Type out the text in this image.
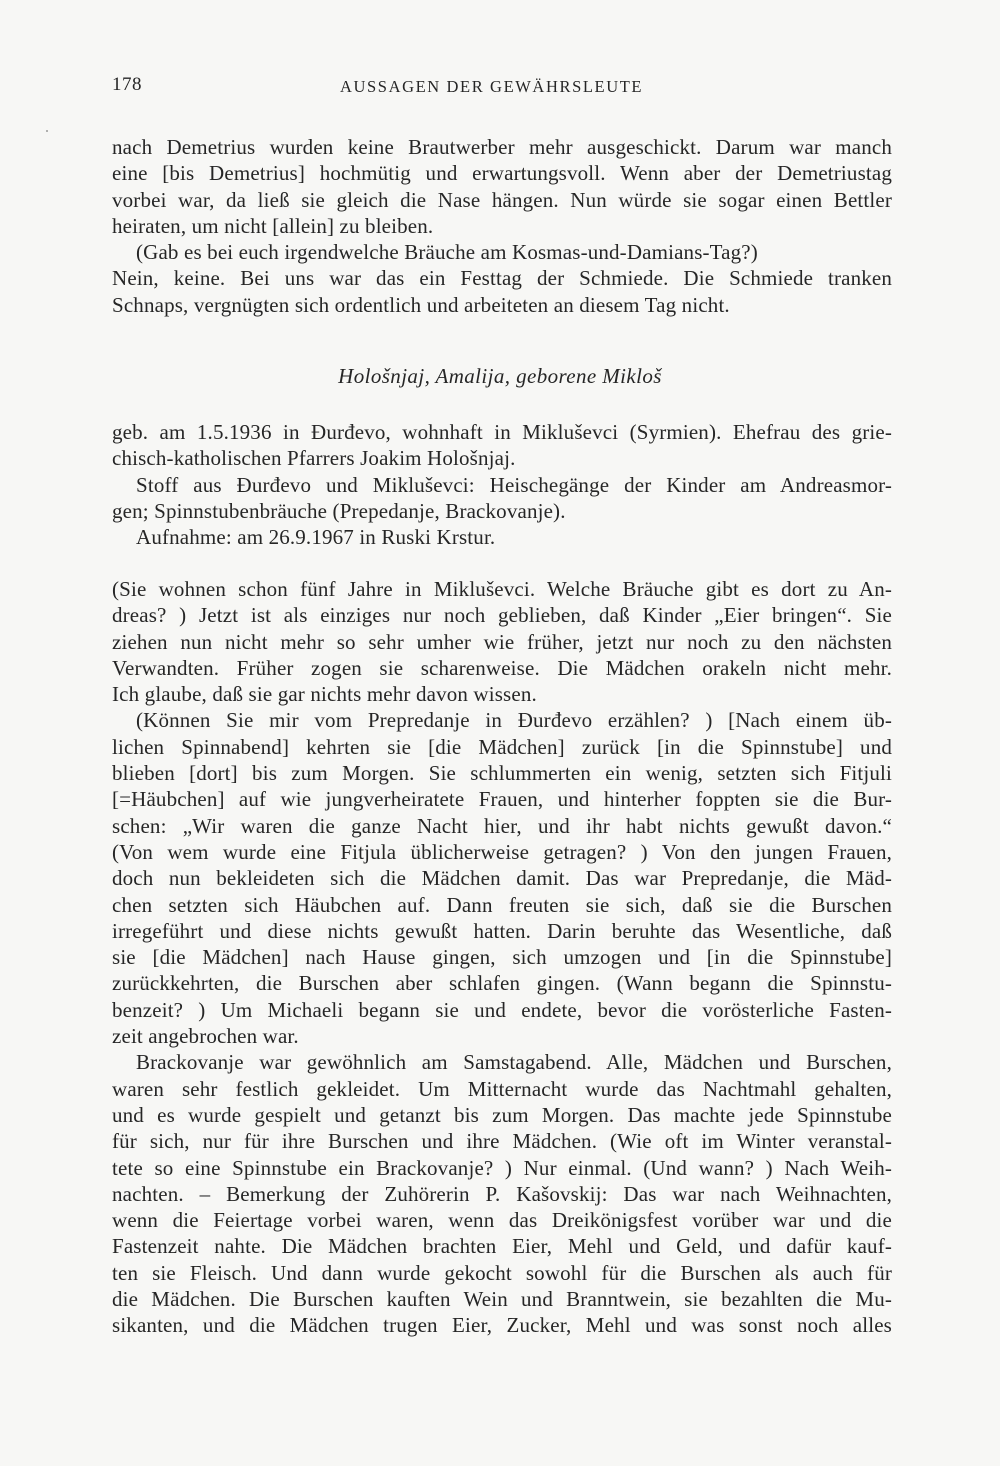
178	AUSSAGEN DER GEWÄHRSLEUTE
nach Demetrius wurden keine Brautwerber mehr ausgeschickt. Darum war manch
eine [bis Demetrius] hochmütig und erwartungsvoll. Wenn aber der Demetriustag
vorbei war, da ließ sie gleich die Nase hängen. Nun würde sie sogar einen Bettler
heiraten, um nicht [allein] zu bleiben.
(Gab es bei euch irgendwelche Bräuche am Kosmas-und-Damians-Tag?)
Nein, keine. Bei uns war das ein Festtag der Schmiede. Die Schmiede tranken
Schnaps, vergnügten sich ordentlich und arbeiteten an diesem Tag nicht.
Hološnjaj, Amalija, geborene Mikloš
geb. am 1.5.1936 in Đurđevo, wohnhaft in Mikluševci (Syrmien). Ehefrau des grie-
chisch-katholischen Pfarrers Joakim Hološnjaj.
Stoff aus Đurđevo und Mikluševci: Heischegänge der Kinder am Andreasmor-
gen; Spinnstubenbräuche (Prepedanje, Brackovanje).
Aufnahme: am 26.9.1967 in Ruski Krstur.
(Sie wohnen schon fünf Jahre in Mikluševci. Welche Bräuche gibt es dort zu An-
dreas? ) Jetzt ist als einziges nur noch geblieben, daß Kinder „Eier bringen“. Sie
ziehen nun nicht mehr so sehr umher wie früher, jetzt nur noch zu den nächsten
Verwandten. Früher zogen sie scharenweise. Die Mädchen orakeln nicht mehr.
Ich glaube, daß sie gar nichts mehr davon wissen.
(Können Sie mir vom Prepredanje in Đurđevo erzählen? ) [Nach einem üb-
lichen Spinnabend] kehrten sie [die Mädchen] zurück [in die Spinnstube] und
blieben [dort] bis zum Morgen. Sie schlummerten ein wenig, setzten sich Fitjuli
[=Häubchen] auf wie jungverheiratete Frauen, und hinterher foppten sie die Bur-
schen: „Wir waren die ganze Nacht hier, und ihr habt nichts gewußt davon.“
(Von wem wurde eine Fitjula üblicherweise getragen? ) Von den jungen Frauen,
doch nun bekleideten sich die Mädchen damit. Das war Prepredanje, die Mäd-
chen setzten sich Häubchen auf. Dann freuten sie sich, daß sie die Burschen
irregeführt und diese nichts gewußt hatten. Darin beruhte das Wesentliche, daß
sie [die Mädchen] nach Hause gingen, sich umzogen und [in die Spinnstube]
zurückkehrten, die Burschen aber schlafen gingen. (Wann begann die Spinnstu-
benzeit? ) Um Michaeli begann sie und endete, bevor die vorösterliche Fasten-
zeit angebrochen war.
Brackovanje war gewöhnlich am Samstagabend. Alle, Mädchen und Burschen,
waren sehr festlich gekleidet. Um Mitternacht wurde das Nachtmahl gehalten,
und es wurde gespielt und getanzt bis zum Morgen. Das machte jede Spinnstube
für sich, nur für ihre Burschen und ihre Mädchen. (Wie oft im Winter veranstal-
tete so eine Spinnstube ein Brackovanje? ) Nur einmal. (Und wann? ) Nach Weih-
nachten. – Bemerkung der Zuhörerin P. Kašovskij: Das war nach Weihnachten,
wenn die Feiertage vorbei waren, wenn das Dreikönigsfest vorüber war und die
Fastenzeit nahte. Die Mädchen brachten Eier, Mehl und Geld, und dafür kauf-
ten sie Fleisch. Und dann wurde gekocht sowohl für die Burschen als auch für
die Mädchen. Die Burschen kauften Wein und Branntwein, sie bezahlten die Mu-
sikanten, und die Mädchen trugen Eier, Zucker, Mehl und was sonst noch alles
